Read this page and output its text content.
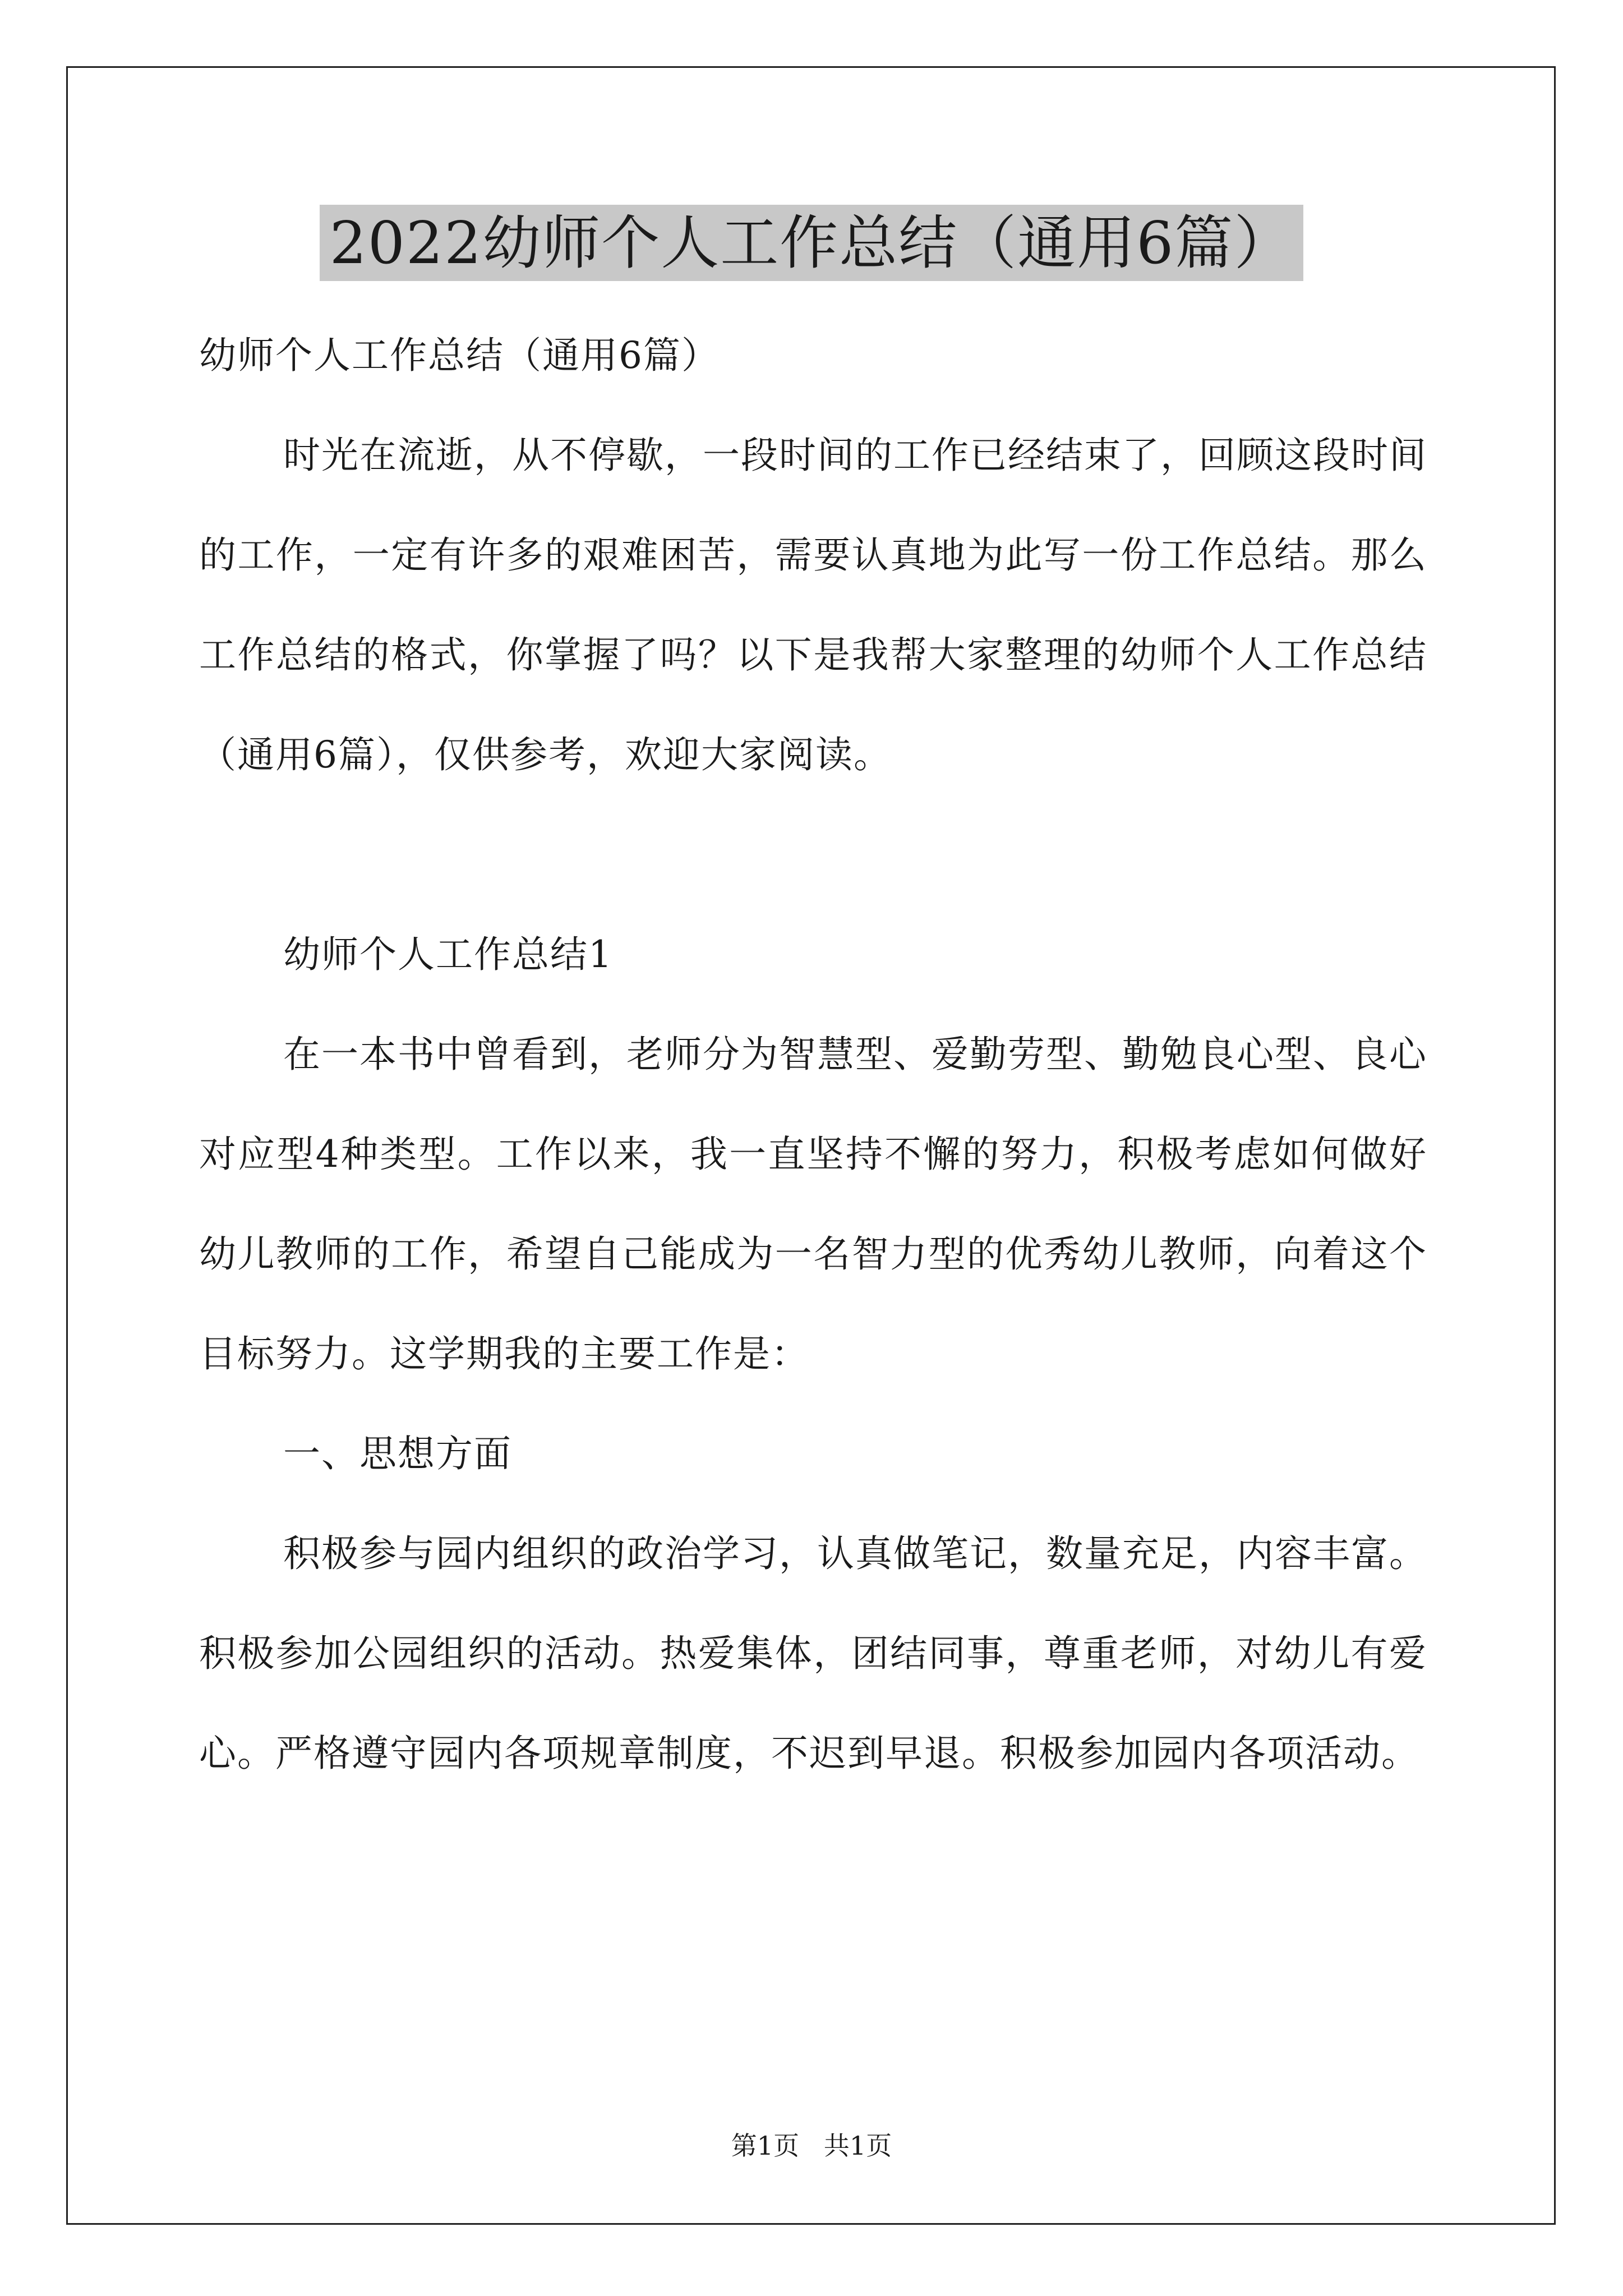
2022幼师个人工作总结（通用6篇）

幼师个人工作总结（通用6篇）

时光在流逝，从不停歇，一段时间的工作已经结束了，回顾这段时间的工作，一定有许多的艰难困苦，需要认真地为此写一份工作总结。那么工作总结的格式，你掌握了吗？以下是我帮大家整理的幼师个人工作总结（通用6篇），仅供参考，欢迎大家阅读。

幼师个人工作总结1

在一本书中曾看到，老师分为智慧型、爱勤劳型、勤勉良心型、良心对应型4种类型。工作以来，我一直坚持不懈的努力，积极考虑如何做好幼儿教师的工作，希望自己能成为一名智力型的优秀幼儿教师，向着这个目标努力。这学期我的主要工作是：

一、思想方面

积极参与园内组织的政治学习，认真做笔记，数量充足，内容丰富。积极参加公园组织的活动。热爱集体，团结同事，尊重老师，对幼儿有爱心。严格遵守园内各项规章制度，不迟到早退。积极参加园内各项活动。

第1页   共1页
